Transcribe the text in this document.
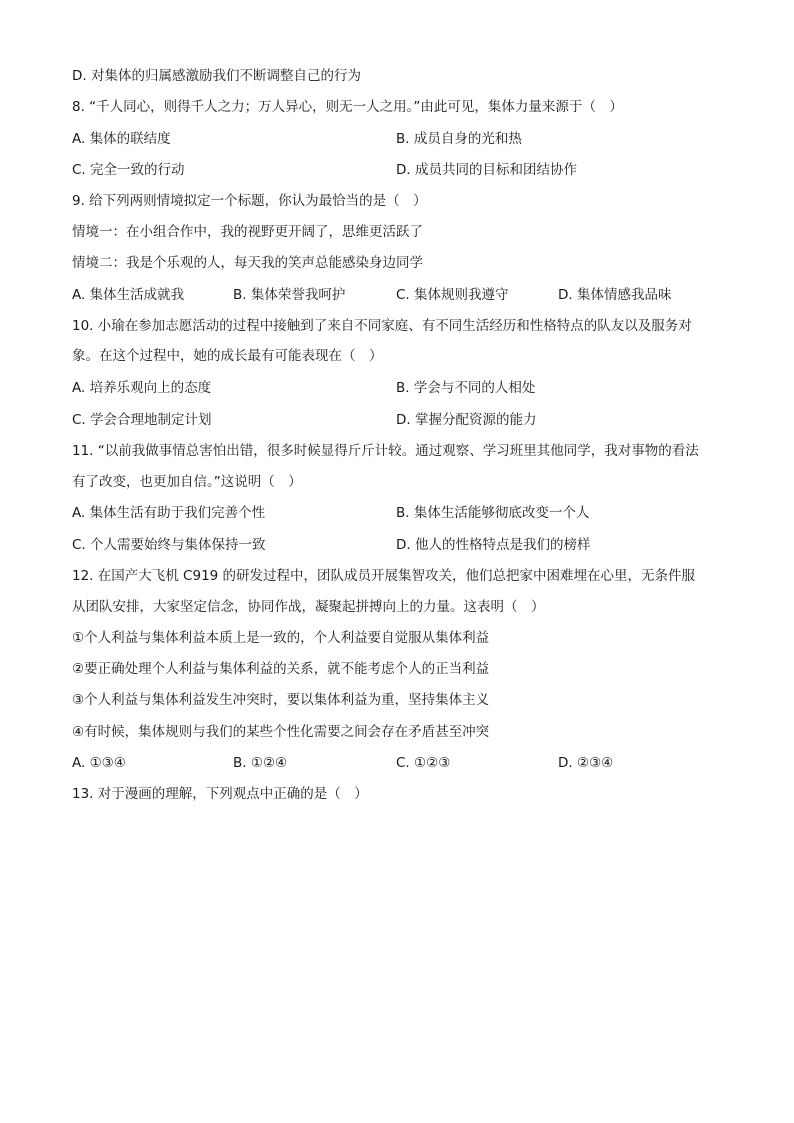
D. 对集体的归属感激励我们不断调整自己的行为
8. “千人同心，则得千人之力；万人异心，则无一人之用。”由此可见，集体力量来源于（　）
A. 集体的联结度	B. 成员自身的光和热
C. 完全一致的行动	D. 成员共同的目标和团结协作
9. 给下列两则情境拟定一个标题，你认为最恰当的是（　）
情境一：在小组合作中，我的视野更开阔了，思维更活跃了
情境二：我是个乐观的人，每天我的笑声总能感染身边同学
A. 集体生活成就我	B. 集体荣誉我呵护	C. 集体规则我遵守	D. 集体情感我品味
10. 小瑜在参加志愿活动的过程中接触到了来自不同家庭、有不同生活经历和性格特点的队友以及服务对
象。在这个过程中，她的成长最有可能表现在（　）
A. 培养乐观向上的态度	B. 学会与不同的人相处
C. 学会合理地制定计划	D. 掌握分配资源的能力
11. “以前我做事情总害怕出错，很多时候显得斤斤计较。通过观察、学习班里其他同学，我对事物的看法
有了改变，也更加自信。”这说明（　）
A. 集体生活有助于我们完善个性	B. 集体生活能够彻底改变一个人
C. 个人需要始终与集体保持一致	D. 他人的性格特点是我们的榜样
12. 在国产大飞机 C919 的研发过程中，团队成员开展集智攻关，他们总把家中困难埋在心里，无条件服
从团队安排，大家坚定信念，协同作战，凝聚起拼搏向上的力量。这表明（　）
①个人利益与集体利益本质上是一致的，个人利益要自觉服从集体利益
②要正确处理个人利益与集体利益的关系，就不能考虑个人的正当利益
③个人利益与集体利益发生冲突时，要以集体利益为重，坚持集体主义
④有时候，集体规则与我们的某些个性化需要之间会存在矛盾甚至冲突
A. ①③④	B. ①②④	C. ①②③	D. ②③④
13. 对于漫画的理解，下列观点中正确的是（　）
